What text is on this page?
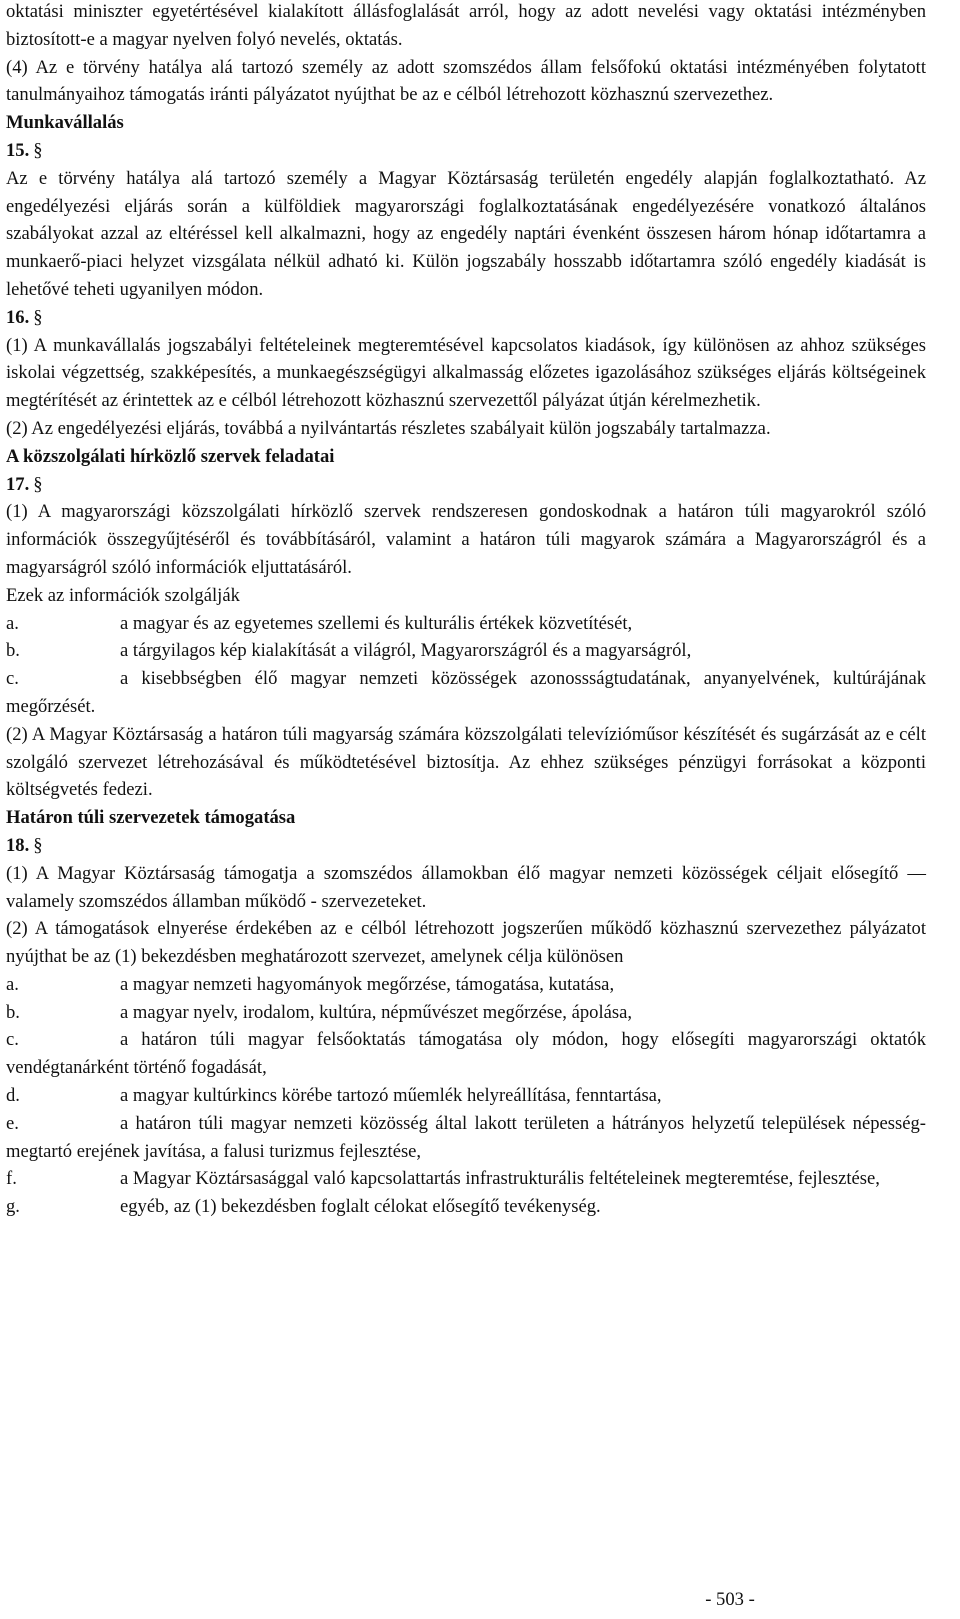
oktatási miniszter egyetértésével kialakított állásfoglalását arról, hogy az adott nevelési vagy oktatási intézményben biztosított-e a magyar nyelven folyó nevelés, oktatás.

(4) Az e törvény hatálya alá tartozó személy az adott szomszédos állam felsőfokú oktatási intézményében folytatott tanulmányaihoz támogatás iránti pályázatot nyújthat be az e célból létrehozott közhasznú szervezethez.

Munkavállalás
15. §

Az e törvény hatálya alá tartozó személy a Magyar Köztársaság területén engedély alapján foglalkoztatható. Az engedélyezési eljárás során a külföldiek magyarországi foglalkoztatásának engedélyezésére vonatkozó általános szabályokat azzal az eltéréssel kell alkalmazni, hogy az engedély naptári évenként összesen három hónap időtartamra a munkaerő-piaci helyzet vizsgálata nélkül adható ki. Külön jogszabály hosszabb időtartamra szóló engedély kiadását is lehetővé teheti ugyanilyen módon.

16. §

(1) A munkavállalás jogszabályi feltételeinek megteremtésével kapcsolatos kiadások, így különösen az ahhoz szükséges iskolai végzettség, szakképesítés, a munkaegészségügyi alkalmasság előzetes igazolásához szükséges eljárás költségeinek megtérítését az érintettek az e célból létrehozott közhasznú szervezettől pályázat útján kérelmezhetik.

(2) Az engedélyezési eljárás, továbbá a nyilvántartás részletes szabályait külön jogszabály tartalmazza.

A közszolgálati hírközlő szervek feladatai
17. §

(1) A magyarországi közszolgálati hírközlő szervek rendszeresen gondoskodnak a határon túli magyarokról szóló információk összegyűjtéséről és továbbításáról, valamint a határon túli magyarok számára a Magyarországról és a magyarságról szóló információk eljuttatásáról.

Ezek az információk szolgálják

a.	a magyar és az egyetemes szellemi és kulturális értékek közvetítését,
b.	a tárgyilagos kép kialakítását a világról, Magyarországról és a magyarságról,

c.	a kisebbségben élő magyar nemzeti közösségek azonossságtudatának, anyanyelvének, kultúrájának megőrzését.

(2) A Magyar Köztársaság a határon túli magyarság számára közszolgálati televízióműsor készítését és sugárzását az e célt szolgáló szervezet létrehozásával és működtetésével biztosítja. Az ehhez szükséges pénzügyi forrásokat a központi költségvetés fedezi.

Határon túli szervezetek támogatása
18. §

(1) A Magyar Köztársaság támogatja a szomszédos államokban élő magyar nemzeti közösségek céljait elősegítő — valamely szomszédos államban működő - szervezeteket.

(2) A támogatások elnyerése érdekében az e célból létrehozott jogszerűen működő közhasznú szervezethez pályázatot nyújthat be az (1) bekezdésben meghatározott szervezet, amelynek célja különösen

a.	a magyar nemzeti hagyományok megőrzése, támogatása, kutatása,
b.	a magyar nyelv, irodalom, kultúra, népművészet megőrzése, ápolása,

c.	a határon túli magyar felsőoktatás támogatása oly módon, hogy elősegíti magyarországi oktatók vendégtanárként történő fogadását,

d.	a magyar kultúrkincs körébe tartozó műemlék helyreállítása, fenntartása,

e.	a határon túli magyar nemzeti közösség által lakott területen a hátrányos helyzetű települések népesség-megtartó erejének javítása, a falusi turizmus fejlesztése,

f.	a Magyar Köztársasággal való kapcsolattartás infrastrukturális feltételeinek megteremtése, fejlesztése,

g.	egyéb, az (1) bekezdésben foglalt célokat elősegítő tevékenység.
- 503 -
